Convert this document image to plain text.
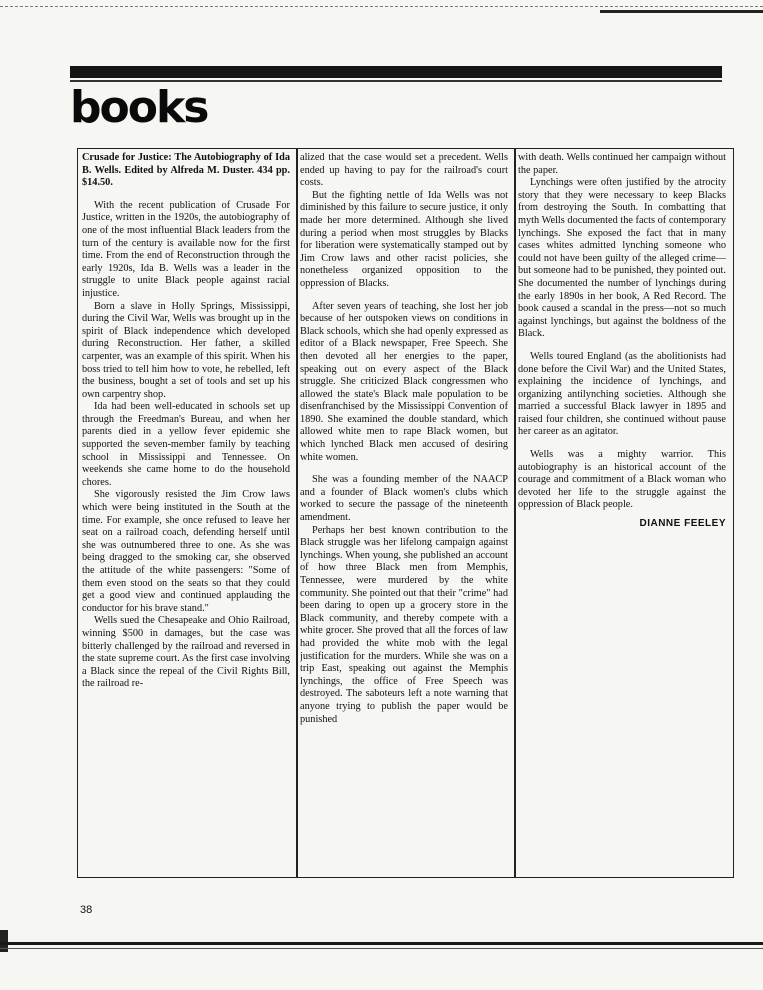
books

Crusade for Justice: The Autobiography of Ida B. Wells. Edited by Alfreda M. Duster. 434 pp. $14.50.

With the recent publication of Crusade For Justice, written in the 1920s, the autobiography of one of the most influential Black leaders from the turn of the century is available now for the first time. From the end of Reconstruction through the early 1920s, Ida B. Wells was a leader in the struggle to unite Black people against racial injustice.

Born a slave in Holly Springs, Mississippi, during the Civil War, Wells was brought up in the spirit of Black independence which developed during Reconstruction. Her father, a skilled carpenter, was an example of this spirit. When his boss tried to tell him how to vote, he rebelled, left the business, bought a set of tools and set up his own carpentry shop.

Ida had been well-educated in schools set up through the Freedman's Bureau, and when her parents died in a yellow fever epidemic she supported the seven-member family by teaching school in Mississippi and Tennessee. On weekends she came home to do the household chores.

She vigorously resisted the Jim Crow laws which were being instituted in the South at the time. For example, she once refused to leave her seat on a railroad coach, defending herself until she was outnumbered three to one. As she was being dragged to the smoking car, she observed the attitude of the white passengers: "Some of them even stood on the seats so that they could get a good view and continued applauding the conductor for his brave stand."

Wells sued the Chesapeake and Ohio Railroad, winning $500 in damages, but the case was bitterly challenged by the railroad and reversed in the state supreme court. As the first case involving a Black since the repeal of the Civil Rights Bill, the railroad re-

alized that the case would set a precedent. Wells ended up having to pay for the railroad's court costs.

But the fighting nettle of Ida Wells was not diminished by this failure to secure justice, it only made her more determined. Although she lived during a period when most struggles by Blacks for liberation were systematically stamped out by Jim Crow laws and other racist policies, she nonetheless organized opposition to the oppression of Blacks.

After seven years of teaching, she lost her job because of her outspoken views on conditions in Black schools, which she had openly expressed as editor of a Black newspaper, Free Speech. She then devoted all her energies to the paper, speaking out on every aspect of the Black struggle. She criticized Black congressmen who allowed the state's Black male population to be disenfranchised by the Mississippi Convention of 1890. She examined the double standard, which allowed white men to rape Black women, but which lynched Black men accused of desiring white women.

She was a founding member of the NAACP and a founder of Black women's clubs which worked to secure the passage of the nineteenth amendment.

Perhaps her best known contribution to the Black struggle was her lifelong campaign against lynchings. When young, she published an account of how three Black men from Memphis, Tennessee, were murdered by the white community. She pointed out that their "crime" had been daring to open up a grocery store in the Black community, and thereby compete with a white grocer. She proved that all the forces of law had provided the white mob with the legal justification for the murders. While she was on a trip East, speaking out against the Memphis lynchings, the office of Free Speech was destroyed. The saboteurs left a note warning that anyone trying to publish the paper would be punished

with death. Wells continued her campaign without the paper.

Lynchings were often justified by the atrocity story that they were necessary to keep Blacks from destroying the South. In combatting that myth Wells documented the facts of contemporary lynchings. She exposed the fact that in many cases whites admitted lynching someone who could not have been guilty of the alleged crime—but someone had to be punished, they pointed out. She documented the number of lynchings during the early 1890s in her book, A Red Record. The book caused a scandal in the press—not so much against lynchings, but against the boldness of the Black.

Wells toured England (as the abolitionists had done before the Civil War) and the United States, explaining the incidence of lynchings, and organizing antilynching societies. Although she married a successful Black lawyer in 1895 and raised four children, she continued without pause her career as an agitator.

Wells was a mighty warrior. This autobiography is an historical account of the courage and commitment of a Black woman who devoted her life to the struggle against the oppression of Black people.

DIANNE FEELEY
38
